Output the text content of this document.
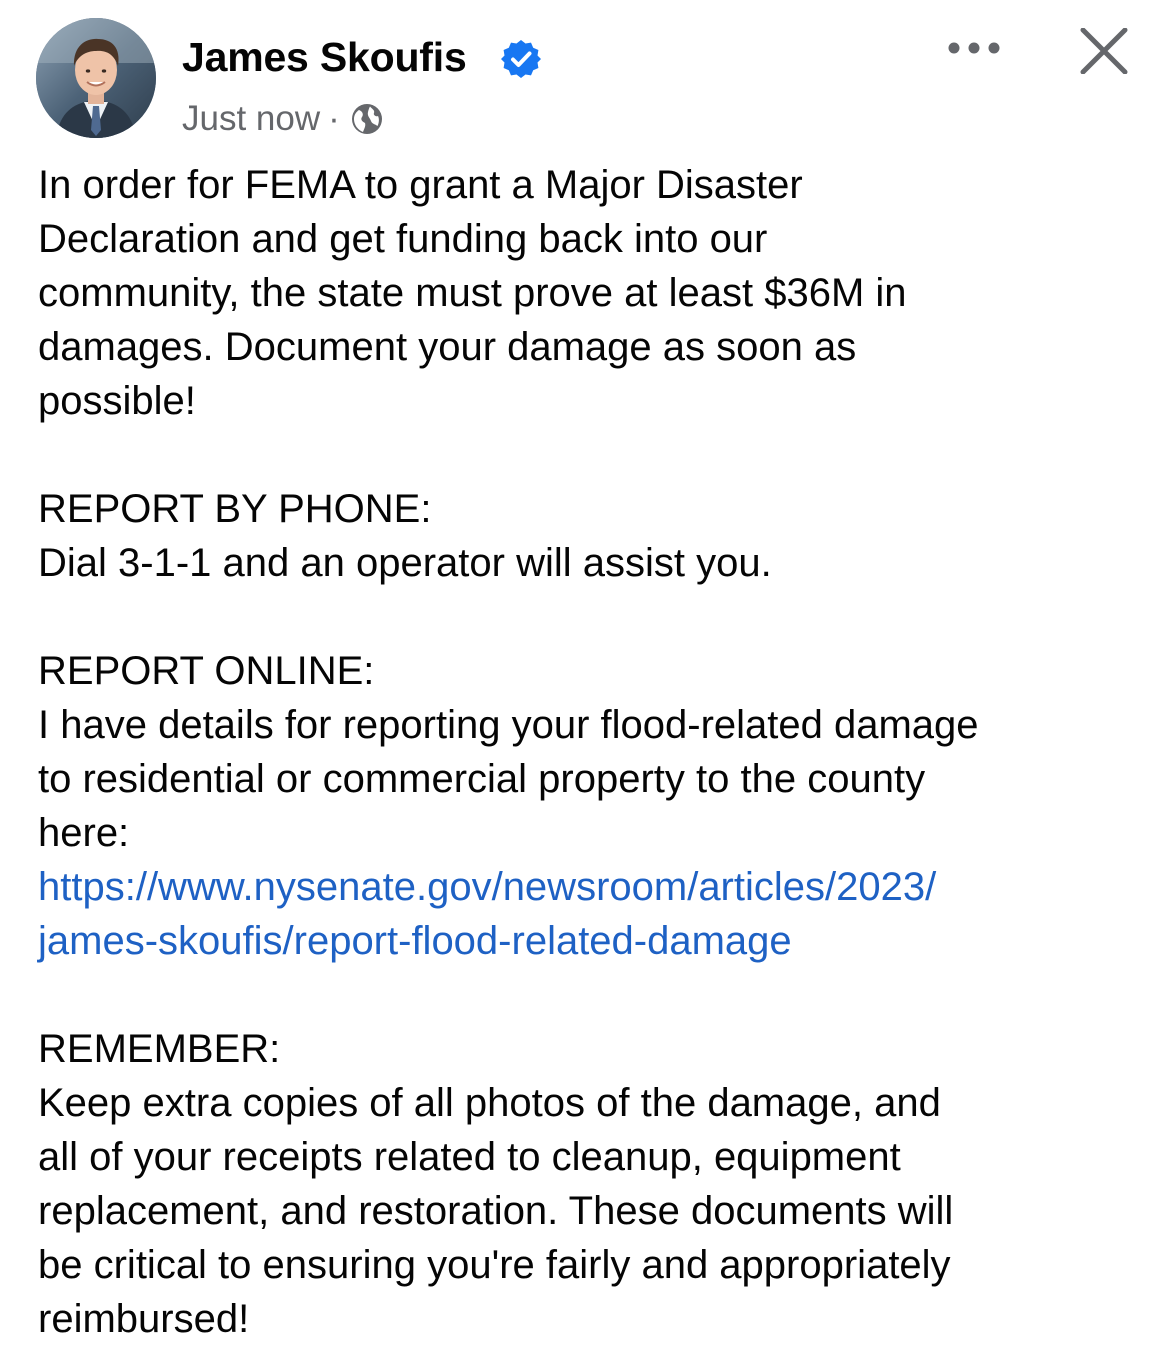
James Skoufis
Just now ·

In order for FEMA to grant a Major Disaster
Declaration and get funding back into our
community, the state must prove at least $36M in
damages. Document your damage as soon as
possible!

REPORT BY PHONE:
Dial 3-1-1 and an operator will assist you.

REPORT ONLINE:
I have details for reporting your flood-related damage
to residential or commercial property to the county
here:
https://www.nysenate.gov/newsroom/articles/2023/
james-skoufis/report-flood-related-damage

REMEMBER:
Keep extra copies of all photos of the damage, and
all of your receipts related to cleanup, equipment
replacement, and restoration. These documents will
be critical to ensuring you're fairly and appropriately
reimbursed!
